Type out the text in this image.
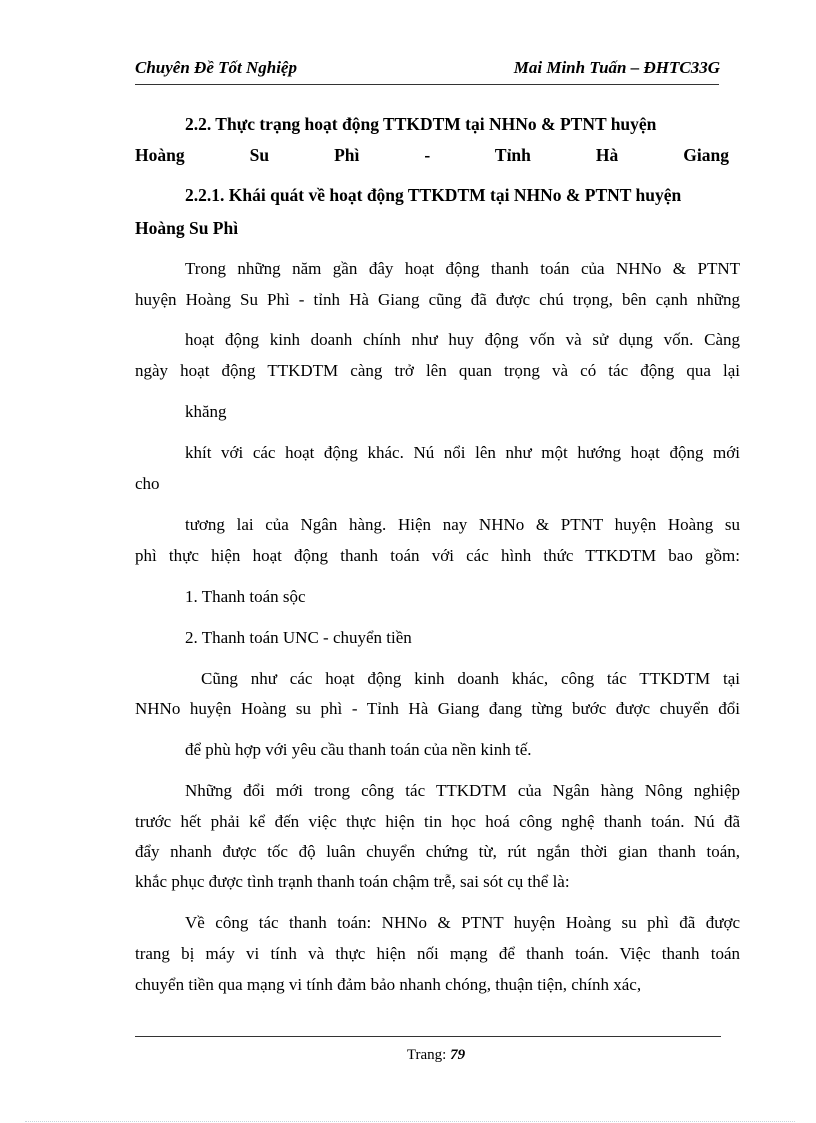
Chuyên Đề Tốt Nghiệp	Mai Minh Tuấn – ĐHTC33G
2.2. Thực trạng hoạt động TTKDTM tại NHNo & PTNT huyện
Hoàng Su Phì - Tỉnh Hà Giang
2.2.1. Khái quát về hoạt động TTKDTM tại NHNo & PTNT huyện
Hoàng Su Phì
Trong những năm gần đây hoạt động thanh toán của NHNo & PTNT
huyện Hoàng Su Phì - tỉnh Hà Giang cũng đã được chú trọng, bên cạnh những
hoạt động kinh doanh chính như huy động vốn và sử dụng vốn. Càng
ngày hoạt động TTKDTM càng trở lên quan trọng và có tác động qua lại
khăng
khít với các hoạt động khác. Nú nổi lên như một hướng hoạt động mới
cho
tương lai của Ngân hàng. Hiện nay NHNo & PTNT huyện Hoàng su
phì thực hiện hoạt động thanh toán với các hình thức TTKDTM bao gồm:
1. Thanh toán sộc
2. Thanh toán UNC - chuyển tiền
Cũng như các hoạt động kinh doanh khác, công tác TTKDTM tại
NHNo huyện Hoàng su phì - Tỉnh Hà Giang đang từng bước được chuyển đổi
để phù hợp với yêu cầu thanh toán của nền kinh tế.
Những đổi mới trong công tác TTKDTM của Ngân hàng Nông nghiệp
trước hết phải kể đến việc thực hiện tin học hoá công nghệ thanh toán. Nú đã
đẩy nhanh được tốc độ luân chuyển chứng từ, rút ngắn thời gian thanh toán,
khắc phục được tình trạnh thanh toán chậm trễ, sai sót cụ thể là:
Về công tác thanh toán: NHNo & PTNT huyện Hoàng su phì đã được
trang bị máy vi tính và thực hiện nối mạng để thanh toán. Việc thanh toán
chuyển tiền qua mạng vi tính đảm bảo nhanh chóng, thuận tiện, chính xác,
Trang: 79
